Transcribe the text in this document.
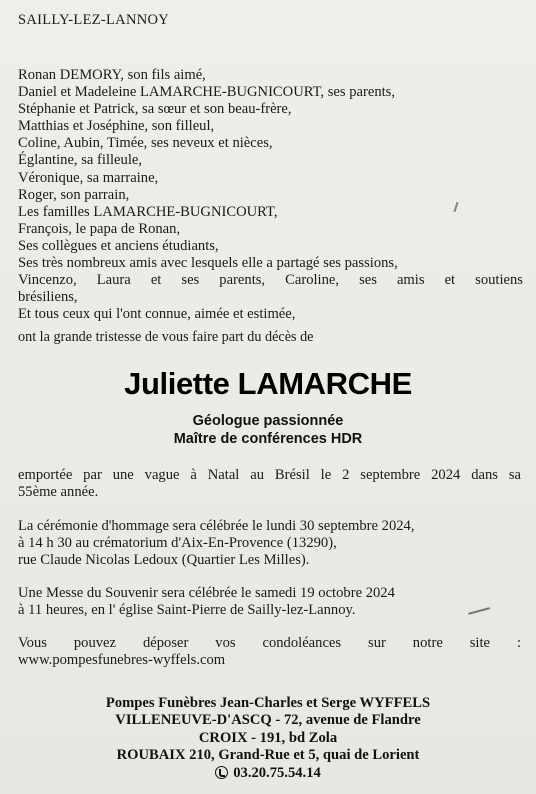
SAILLY-LEZ-LANNOY
Ronan DEMORY, son fils aimé,
Daniel et Madeleine LAMARCHE-BUGNICOURT, ses parents,
Stéphanie et Patrick, sa sœur et son beau-frère,
Matthias et Joséphine, son filleul,
Coline, Aubin, Timée, ses neveux et nièces,
Églantine, sa filleule,
Véronique, sa marraine,
Roger, son parrain,
Les familles LAMARCHE-BUGNICOURT,
François, le papa de Ronan,
Ses collègues et anciens étudiants,
Ses très nombreux amis avec lesquels elle a partagé ses passions,
Vincenzo, Laura et ses parents, Caroline, ses amis et soutiens
brésiliens,
Et tous ceux qui l'ont connue, aimée et estimée,
ont la grande tristesse de vous faire part du décès de
Juliette LAMARCHE
Géologue passionnée
Maître de conférences HDR

emportée par une vague à Natal au Brésil le 2 septembre 2024 dans sa
55ème année.

La cérémonie d'hommage sera célébrée le lundi 30 septembre 2024,
à 14 h 30 au crématorium d'Aix-En-Provence (13290),
rue Claude Nicolas Ledoux (Quartier Les Milles).

Une Messe du Souvenir sera célébrée le samedi 19 octobre 2024
à 11 heures, en l' église Saint-Pierre de Sailly-lez-Lannoy.

Vous pouvez déposer vos condoléances sur notre site :
www.pompesfunebres-wyffels.com

Pompes Funèbres Jean-Charles et Serge WYFFELS
VILLENEUVE-D'ASCQ - 72, avenue de Flandre
CROIX - 191, bd Zola
ROUBAIX 210, Grand-Rue et 5, quai de Lorient
03.20.75.54.14
